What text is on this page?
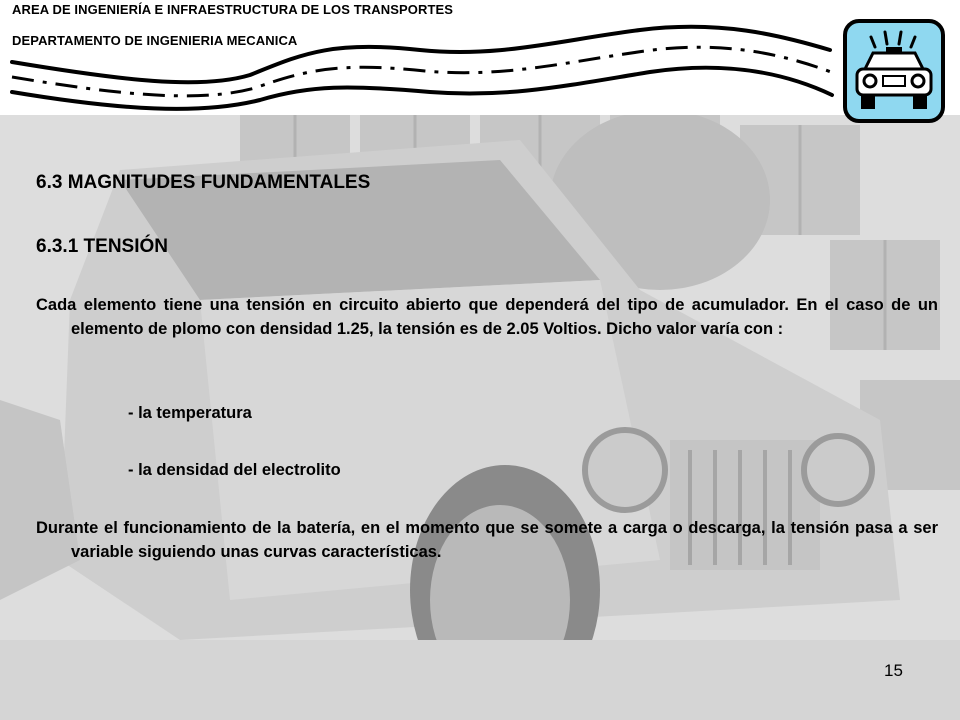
AREA DE INGENIERÍA E INFRAESTRUCTURA DE LOS TRANSPORTES
DEPARTAMENTO DE INGENIERIA MECANICA
6.3 MAGNITUDES FUNDAMENTALES
6.3.1 TENSIÓN

Cada elemento tiene una tensión en circuito abierto que dependerá del tipo de acumulador. En el caso de un elemento de plomo con densidad 1.25, la tensión es de 2.05 Voltios. Dicho valor varía con :

- la temperatura

- la densidad del electrolito

Durante el funcionamiento de la batería, en el momento que se somete a carga o descarga, la tensión pasa a ser variable siguiendo unas curvas características.

15
